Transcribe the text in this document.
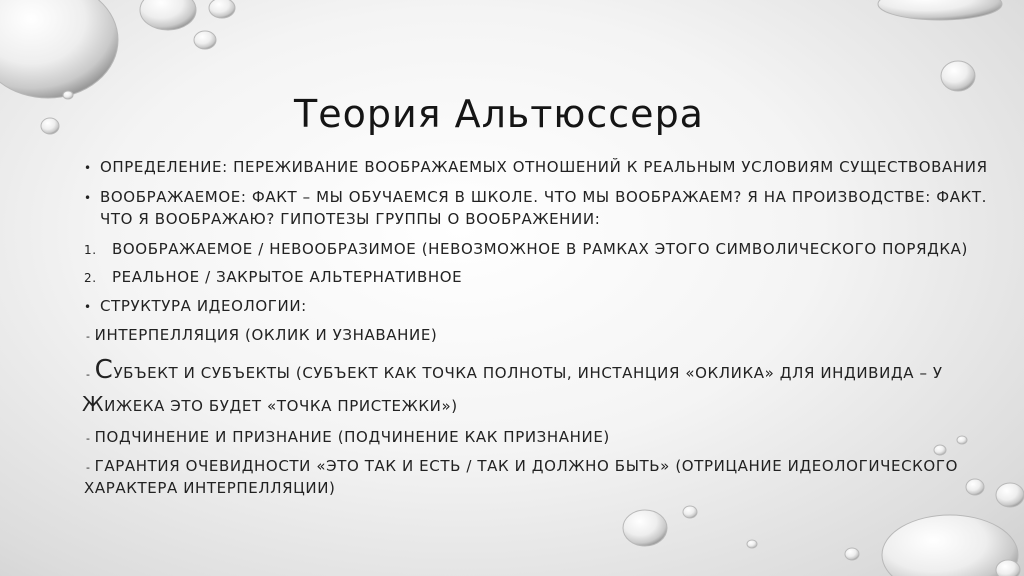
Теория Альтюссера
• ОПРЕДЕЛЕНИЕ: ПЕРЕЖИВАНИЕ ВООБРАЖАЕМЫХ ОТНОШЕНИЙ К РЕАЛЬНЫМ УСЛОВИЯМ СУЩЕСТВОВАНИЯ
• ВООБРАЖАЕМОЕ: ФАКТ – МЫ ОБУЧАЕМСЯ В ШКОЛЕ. ЧТО МЫ ВООБРАЖАЕМ? Я НА ПРОИЗВОДСТВЕ: ФАКТ.
ЧТО Я ВООБРАЖАЮ? ГИПОТЕЗЫ ГРУППЫ О ВООБРАЖЕНИИ:
1. ВООБРАЖАЕМОЕ / НЕВООБРАЗИМОЕ (НЕВОЗМОЖНОЕ В РАМКАХ ЭТОГО СИМВОЛИЧЕСКОГО ПОРЯДКА)
2. РЕАЛЬНОЕ / ЗАКРЫТОЕ АЛЬТЕРНАТИВНОЕ
• СТРУКТУРА ИДЕОЛОГИИ:
- ИНТЕРПЕЛЛЯЦИЯ (ОКЛИК И УЗНАВАНИЕ)
- СУБЪЕКТ И СУБЪЕКТЫ (СУБЪЕКТ КАК ТОЧКА ПОЛНОТЫ, ИНСТАНЦИЯ «ОКЛИКА» ДЛЯ ИНДИВИДА – У
ЖИЖЕКА ЭТО БУДЕТ «ТОЧКА ПРИСТЕЖКИ»)
- ПОДЧИНЕНИЕ И ПРИЗНАНИЕ (ПОДЧИНЕНИЕ КАК ПРИЗНАНИЕ)
- ГАРАНТИЯ ОЧЕВИДНОСТИ «ЭТО ТАК И ЕСТЬ / ТАК И ДОЛЖНО БЫТЬ» (ОТРИЦАНИЕ ИДЕОЛОГИЧЕСКОГО
ХАРАКТЕРА ИНТЕРПЕЛЛЯЦИИ)
